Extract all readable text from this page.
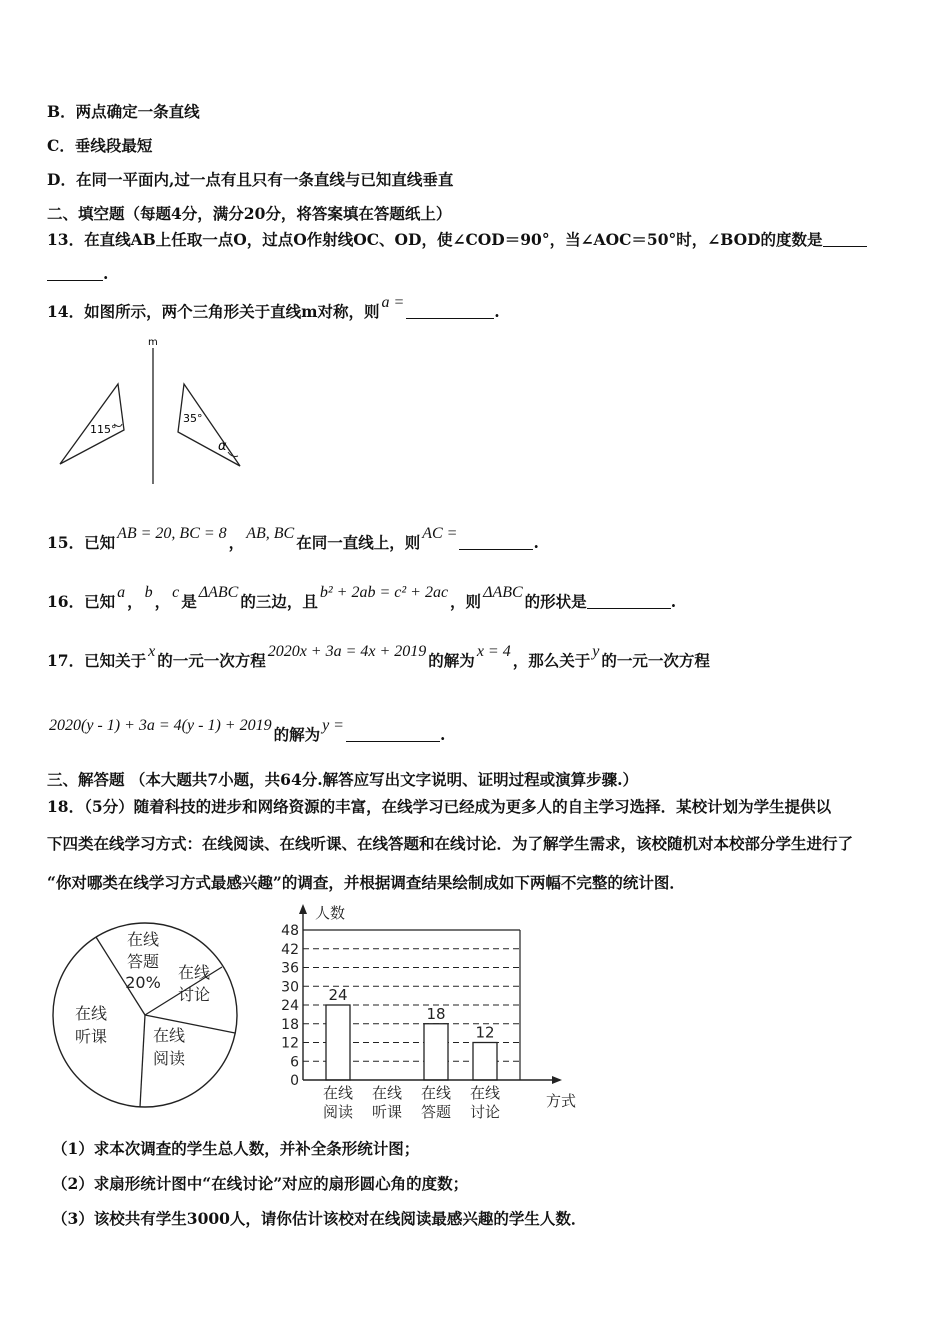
B．两点确定一条直线
C．垂线段最短
D．在同一平面内,过一点有且只有一条直线与已知直线垂直
二、填空题（每题4分，满分20分，将答案填在答题纸上）
13．在直线AB上任取一点O，过点O作射线OC、OD，使∠COD＝90°，当∠AOC＝50°时，∠BOD的度数是
.
14．如图所示，两个三角形关于直线m对称，则 a =	.
m
115°
35°
α
15．已知 AB = 20, BC = 8 ， AB, BC 在同一直线上，则 AC =	.
16．已知 a ， b ， c 是 ΔABC 的三边，且 b² + 2ab = c² + 2ac ，则 ΔABC 的形状是	.
17．已知关于 x 的一元一次方程 2020x + 3a = 4x + 2019 的解为 x = 4 ，那么关于 y 的一元一次方程
2020(y - 1) + 3a = 4(y - 1) + 2019 的解为 y =	.
三、解答题 （本大题共7小题，共64分.解答应写出文字说明、证明过程或演算步骤.）
18．（5分）随着科技的进步和网络资源的丰富，在线学习已经成为更多人的自主学习选择．某校计划为学生提供以
下四类在线学习方式：在线阅读、在线听课、在线答题和在线讨论．为了解学生需求，该校随机对本校部分学生进行了
“你对哪类在线学习方式最感兴趣”的调查，并根据调查结果绘制成如下两幅不完整的统计图．
在线
答题
20%
在线
讨论
在线
听课	在线
阅读
24
18
12
0
6
12
18
24
30
36
42
48
在线
阅读
在线
听课
在线
答题
在线
讨论
人数
方式
（1）求本次调查的学生总人数，并补全条形统计图；
（2）求扇形统计图中“在线讨论”对应的扇形圆心角的度数；
（3）该校共有学生3000人，请你估计该校对在线阅读最感兴趣的学生人数．
